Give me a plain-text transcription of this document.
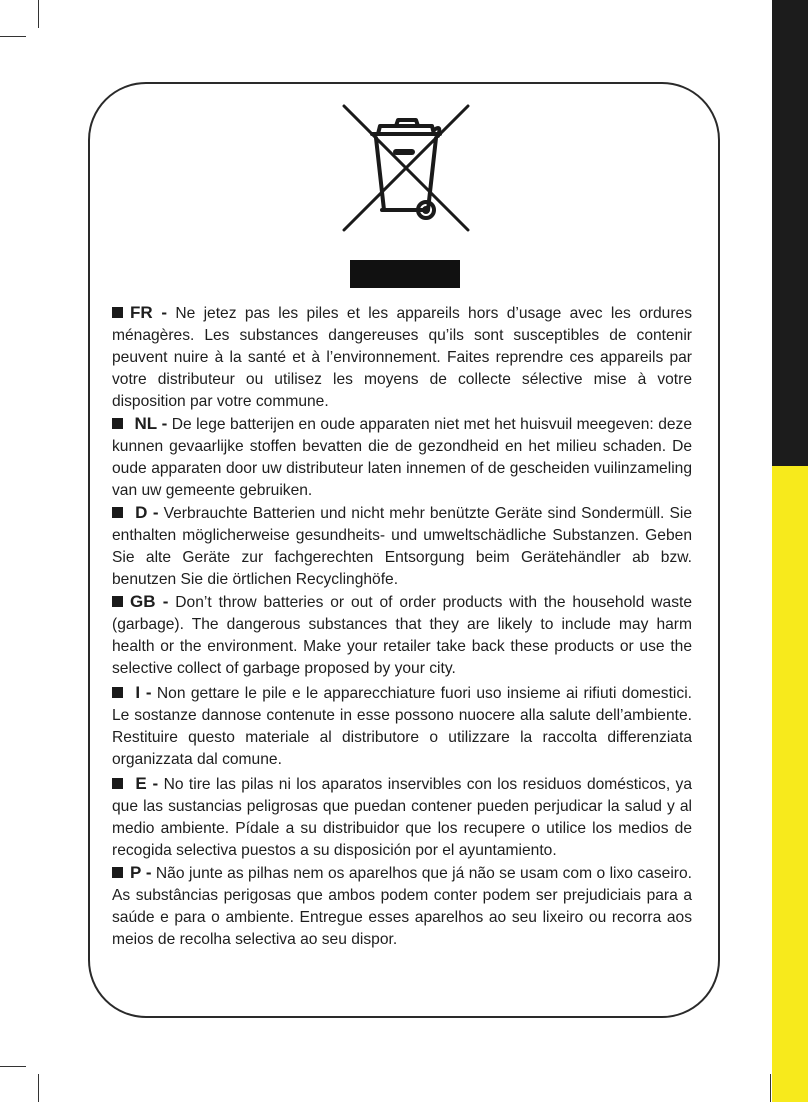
FR - Ne jetez pas les piles et les appareils hors d’usage avec les ordures ménagères. Les substances dangereuses qu’ils sont susceptibles de contenir peuvent nuire à la santé et à l’environnement. Faites reprendre ces appareils par votre distributeur ou utilisez les moyens de collecte sélective mise à votre disposition par votre commune.

NL - De lege batterijen en oude apparaten niet met het huisvuil meegeven: deze kunnen gevaarlijke stoffen bevatten die de gezondheid en het milieu schaden. De oude apparaten door uw distributeur laten innemen of de gescheiden vuilinzameling van uw gemeente gebruiken.

D - Verbrauchte Batterien und nicht mehr benützte Geräte sind Sondermüll. Sie enthalten möglicherweise gesundheits- und umweltschädliche Substanzen. Geben Sie alte Geräte zur fachgerechten Entsorgung beim Gerätehändler ab bzw. benutzen Sie die örtlichen Recyclinghöfe.

GB - Don’t throw batteries or out of order products with the household waste (garbage). The dangerous substances that they are likely to include may harm health or the environment. Make your retailer take back these products or use the selective collect of garbage proposed by your city.

I - Non gettare le pile e le apparecchiature fuori uso insieme ai rifiuti domestici. Le sostanze dannose contenute in esse possono nuocere alla salute dell’ambiente. Restituire questo materiale al distributore o utilizzare la raccolta differenziata organizzata dal comune.

E - No tire las pilas ni los aparatos inservibles con los residuos domésticos, ya que las sustancias peligrosas que puedan contener pueden perjudicar la salud y al medio ambiente. Pídale a su distribuidor que los recupere o utilice los medios de recogida selectiva puestos a su disposición por el ayuntamiento.

P - Não junte as pilhas nem os aparelhos que já não se usam com o lixo caseiro. As substâncias perigosas que ambos podem conter podem ser prejudiciais para a saúde e para o ambiente. Entregue esses aparelhos ao seu lixeiro ou recorra aos meios de recolha selectiva ao seu dispor.
